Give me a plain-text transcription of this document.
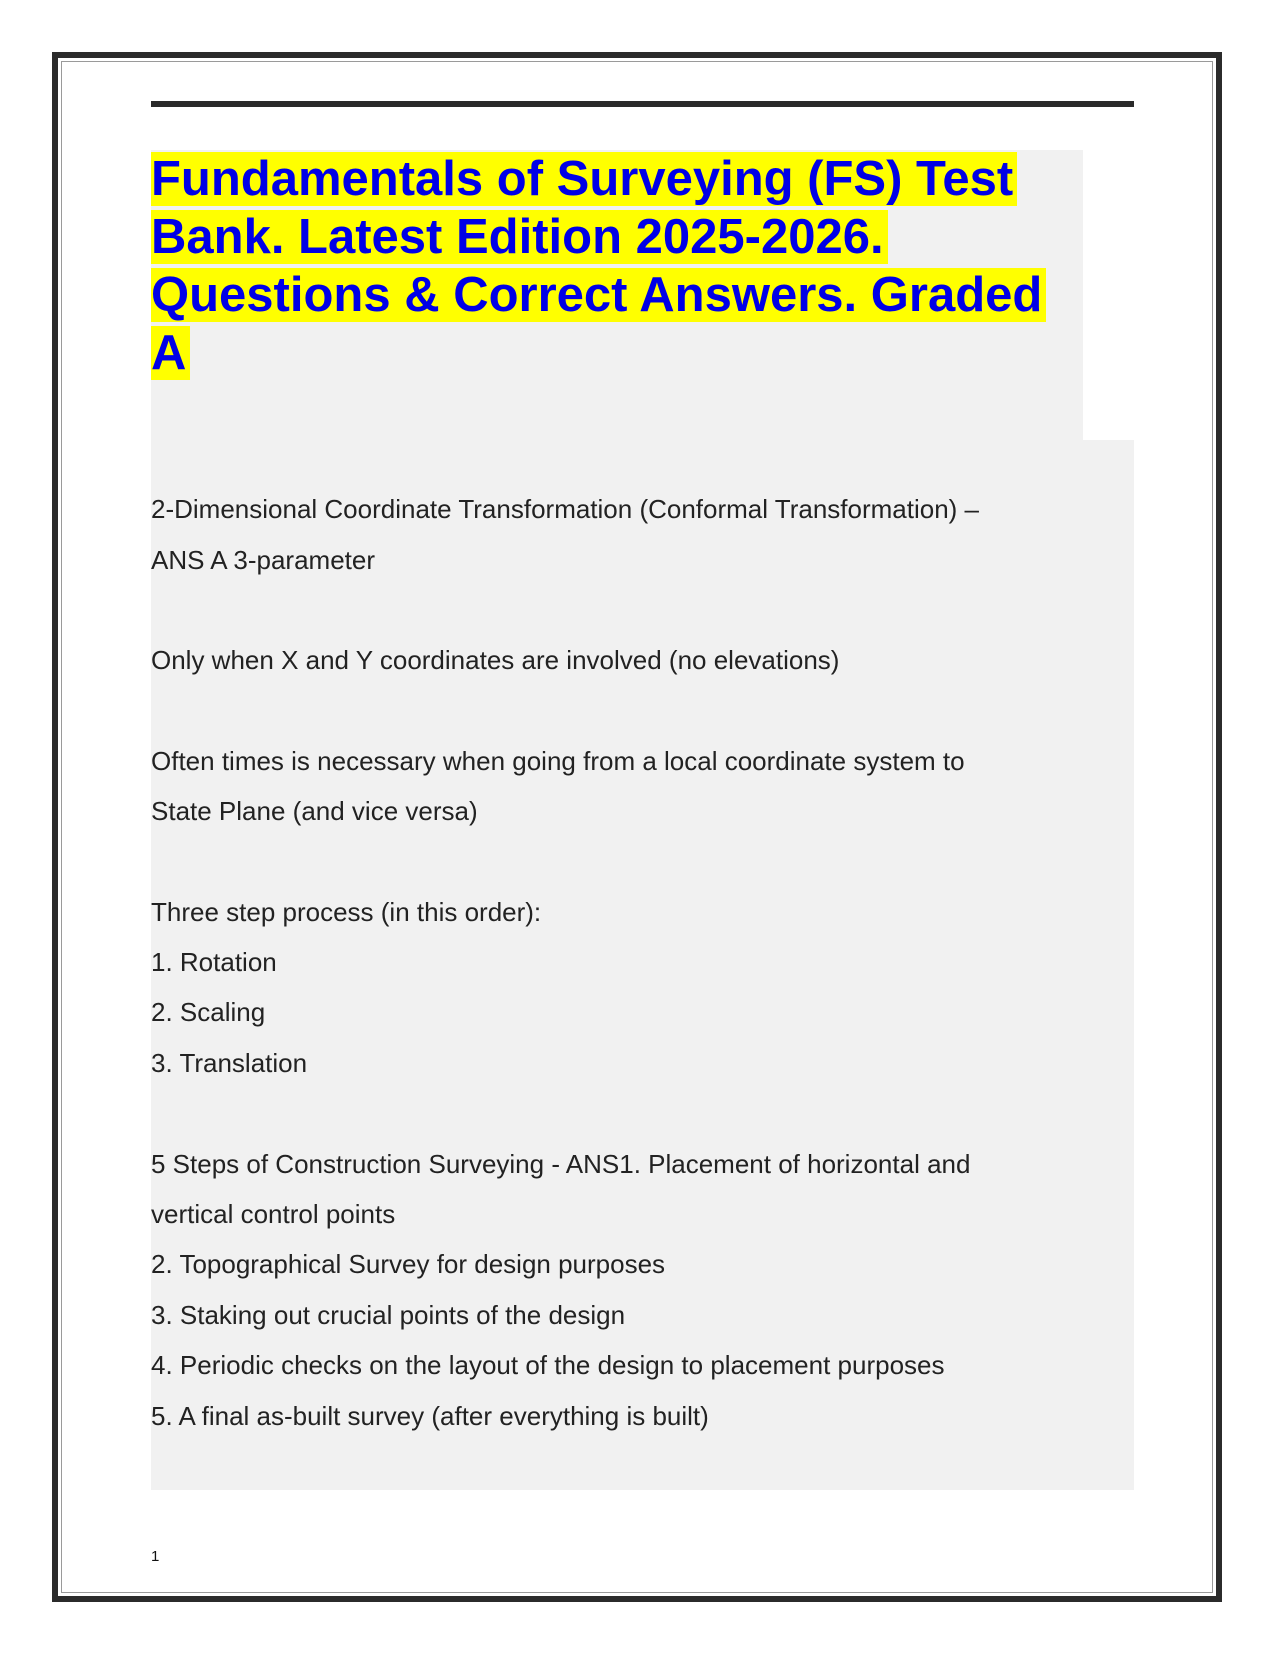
Fundamentals of Surveying (FS) Test
Bank. Latest Edition 2025-2026.
Questions & Correct Answers. Graded
A

2-Dimensional Coordinate Transformation (Conformal Transformation) –

ANS A 3-parameter

Only when X and Y coordinates are involved (no elevations)

Often times is necessary when going from a local coordinate system to

State Plane (and vice versa)

Three step process (in this order):

1. Rotation

2. Scaling

3. Translation

5 Steps of Construction Surveying - ANS1. Placement of horizontal and

vertical control points

2. Topographical Survey for design purposes

3. Staking out crucial points of the design

4. Periodic checks on the layout of the design to placement purposes

5. A final as-built survey (after everything is built)

1
